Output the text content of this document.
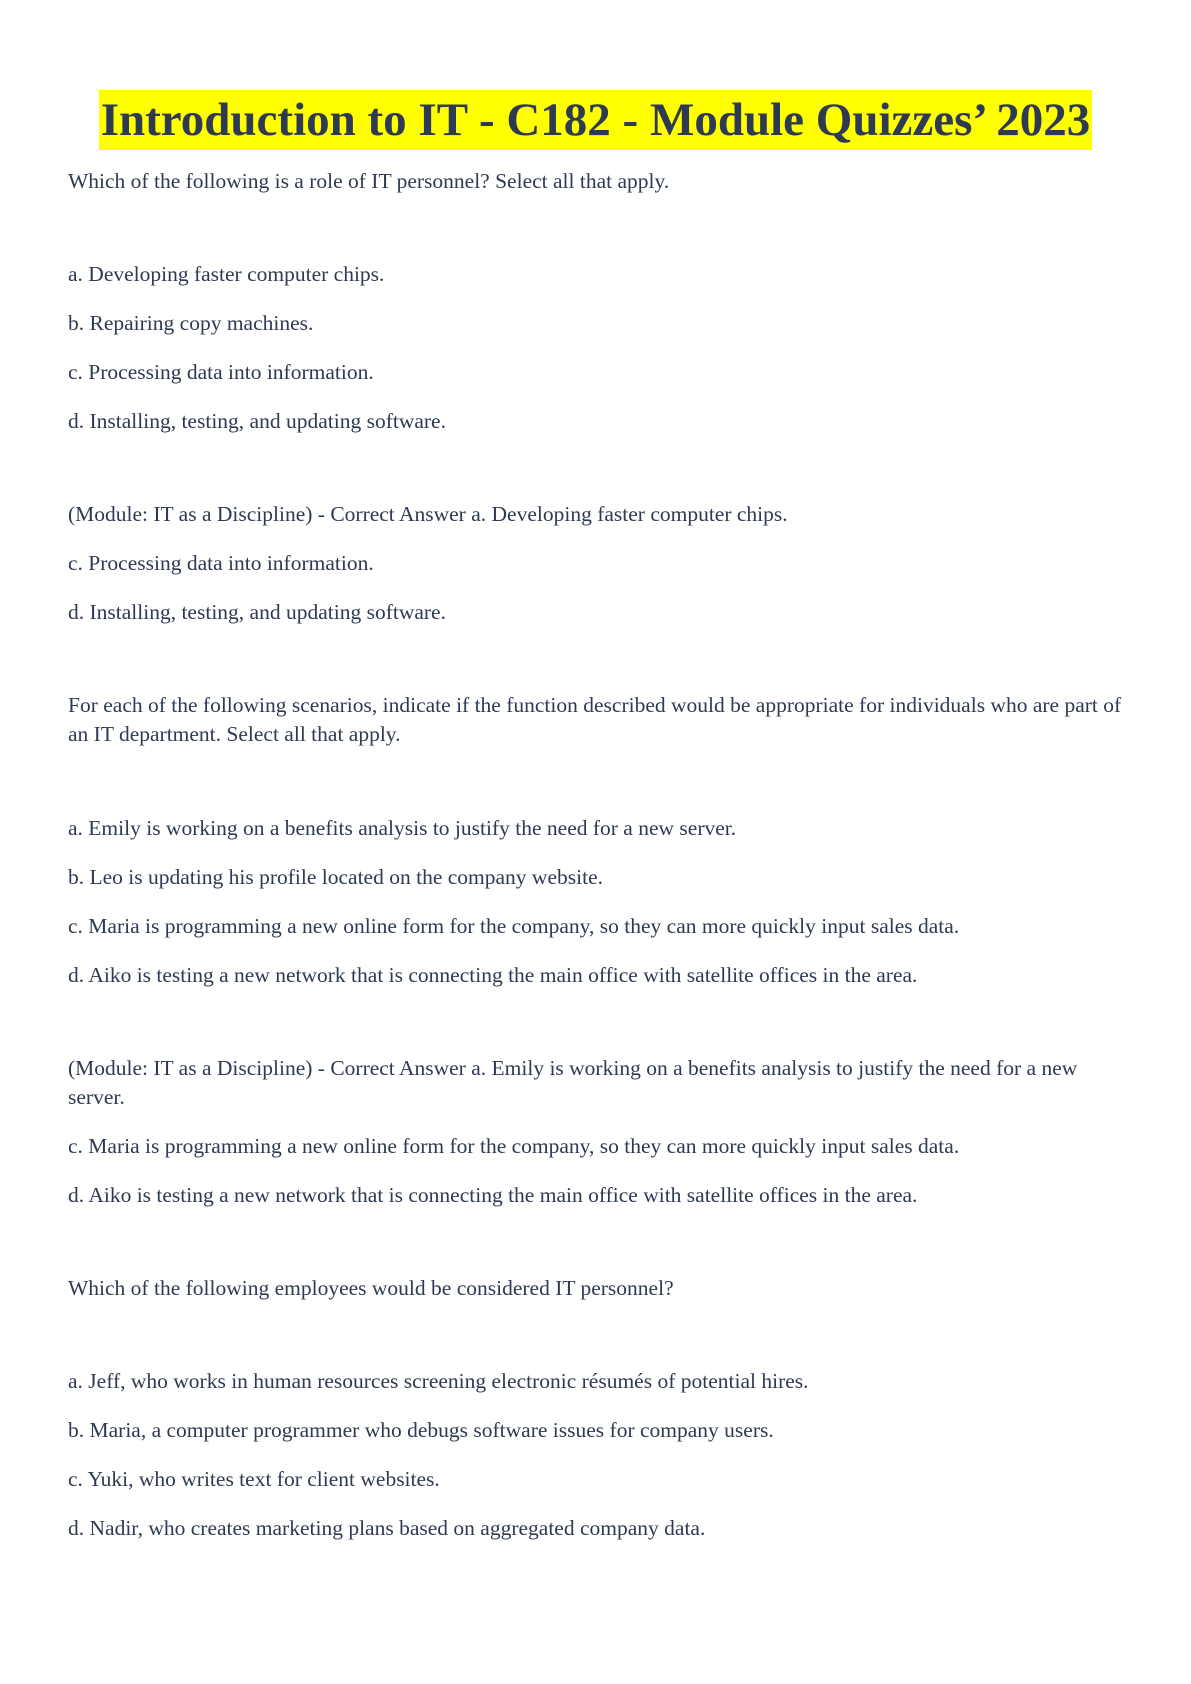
Introduction to IT - C182 - Module Quizzes’ 2023
Which of the following is a role of IT personnel? Select all that apply.
a. Developing faster computer chips.
b. Repairing copy machines.
c. Processing data into information.
d. Installing, testing, and updating software.
(Module: IT as a Discipline) - Correct Answer a. Developing faster computer chips.
c. Processing data into information.
d. Installing, testing, and updating software.
For each of the following scenarios, indicate if the function described would be appropriate for individuals who are part of an IT department. Select all that apply.
a. Emily is working on a benefits analysis to justify the need for a new server.
b. Leo is updating his profile located on the company website.
c. Maria is programming a new online form for the company, so they can more quickly input sales data.
d. Aiko is testing a new network that is connecting the main office with satellite offices in the area.
(Module: IT as a Discipline) - Correct Answer a. Emily is working on a benefits analysis to justify the need for a new server.
c. Maria is programming a new online form for the company, so they can more quickly input sales data.
d. Aiko is testing a new network that is connecting the main office with satellite offices in the area.
Which of the following employees would be considered IT personnel?
a. Jeff, who works in human resources screening electronic résumés of potential hires.
b. Maria, a computer programmer who debugs software issues for company users.
c. Yuki, who writes text for client websites.
d. Nadir, who creates marketing plans based on aggregated company data.
